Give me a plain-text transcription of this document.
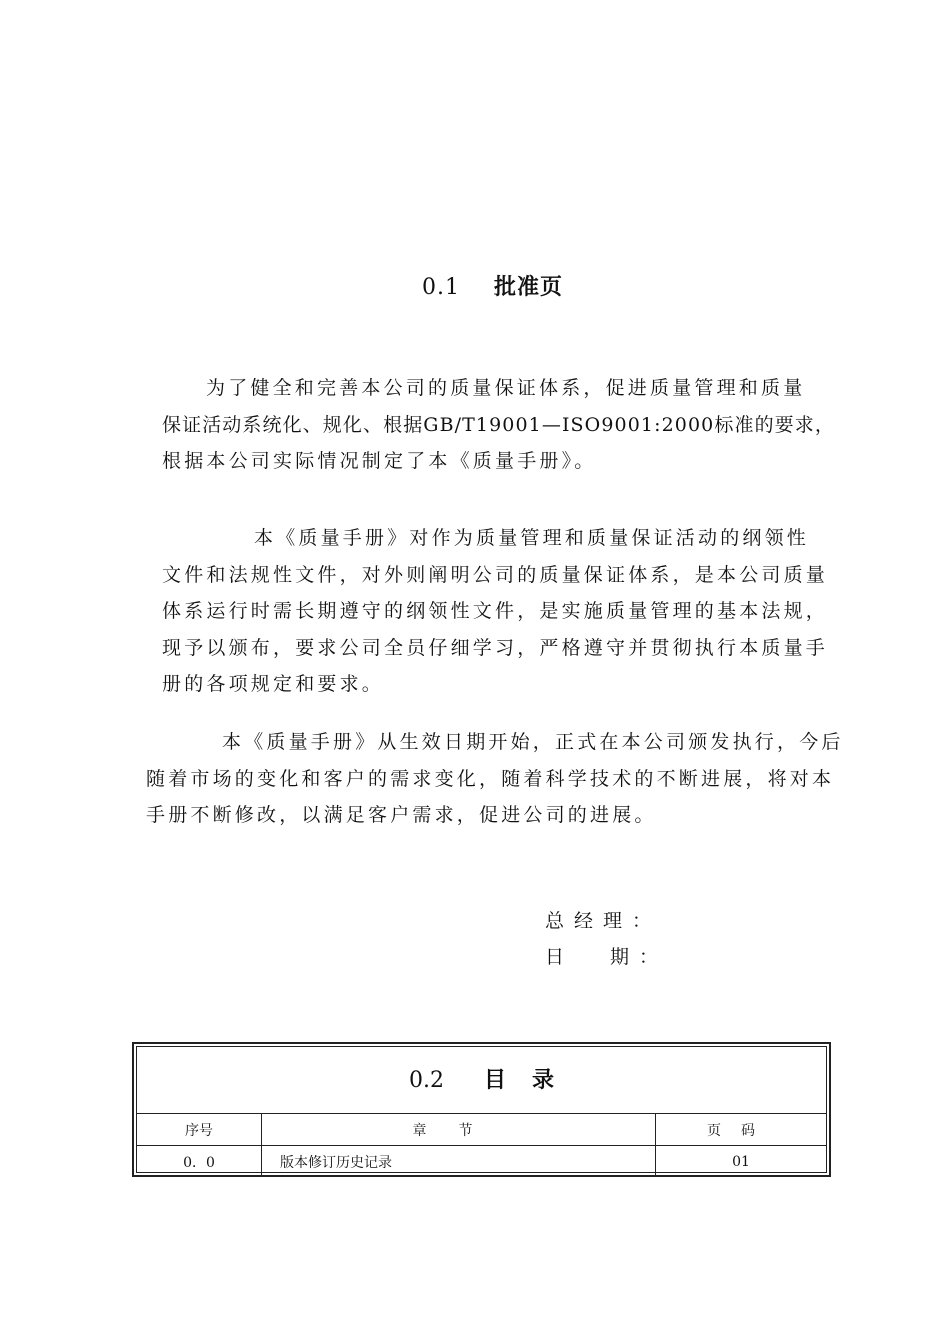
0.1 批准页

为了健全和完善本公司的质量保证体系，促进质量管理和质量
保证活动系统化、规化、根据GB/T19001—ISO9001:2000标准的要求，
根据本公司实际情况制定了本《质量手册》。

本《质量手册》对作为质量管理和质量保证活动的纲领性
文件和法规性文件，对外则阐明公司的质量保证体系，是本公司质量
体系运行时需长期遵守的纲领性文件，是实施质量管理的基本法规，
现予以颁布，要求公司全员仔细学习，严格遵守并贯彻执行本质量手
册的各项规定和要求。

本《质量手册》从生效日期开始，正式在本公司颁发执行，今后
随着市场的变化和客户的需求变化，随着科学技术的不断进展，将对本
手册不断修改，以满足客户需求，促进公司的进展。

总经理：
日 期：
0.2 目 录
序号	章节	页码
0．0	版本修订历史记录	01
